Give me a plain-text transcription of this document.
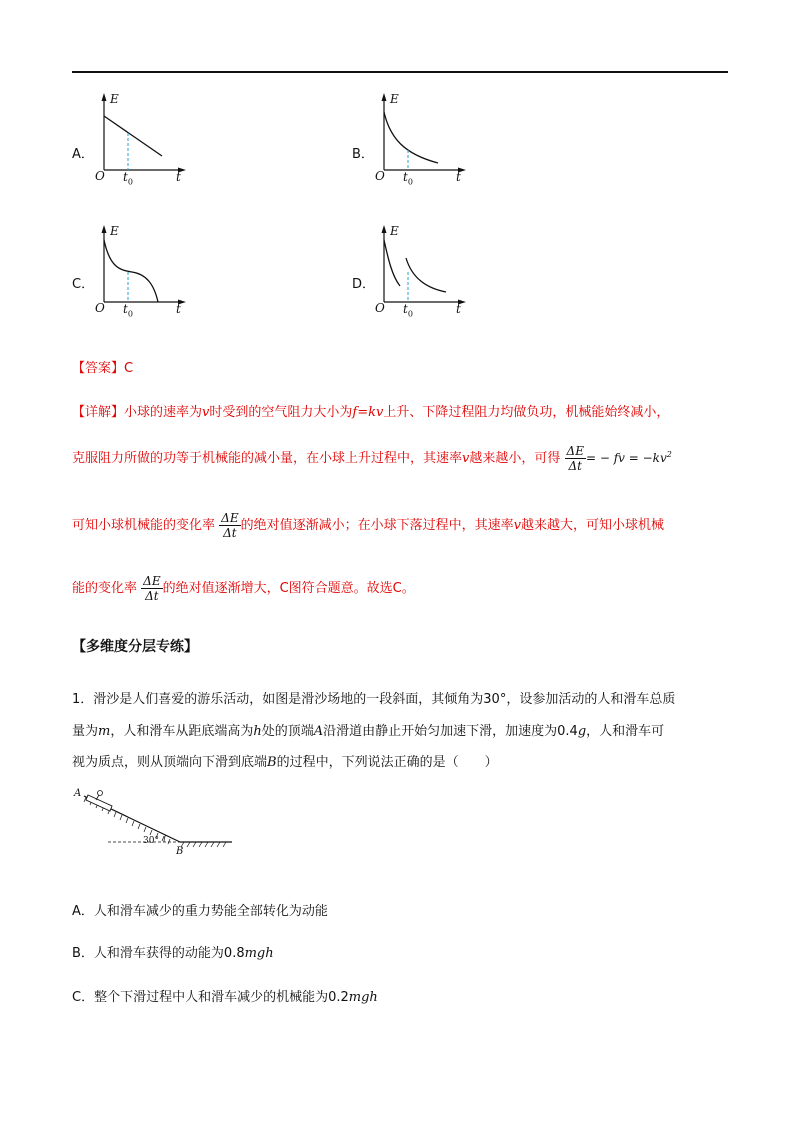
A．
E
O $t_0$	t
B．
E
O $t_0$	t
C．
E
O $t_0$	t
D．
E
O $t_0$	t
【答案】C
【详解】小球的速率为v时受到的空气阻力大小为f=kv上升、下降过程阻力均做负功，机械能始终减小，
克服阻力所做的功等于机械能的减小量，在小球上升过程中，其速率v越来越小，可得 $\frac{\Delta E}{\Delta t}$ = − fv = $-kv^2$
可知小球机械能的变化率 $\frac{\Delta E}{\Delta t}$ 的绝对值逐渐减小；在小球下落过程中，其速率v越来越大，可知小球机械
能的变化率 $\frac{\Delta E}{\Delta t}$ 的绝对值逐渐增大，C图符合题意。故选C。
【多维度分层专练】
1．滑沙是人们喜爱的游乐活动，如图是滑沙场地的一段斜面，其倾角为30°，设参加活动的人和滑车总质
量为m，人和滑车从距底端高为h处的顶端A沿滑道由静止开始匀加速下滑，加速度为0.4g，人和滑车可
视为质点，则从顶端向下滑到底端B的过程中，下列说法正确的是（　　）
A
B
30°
A．人和滑车减少的重力势能全部转化为动能
B．人和滑车获得的动能为0.8mgh
C．整个下滑过程中人和滑车减少的机械能为0.2mgh
